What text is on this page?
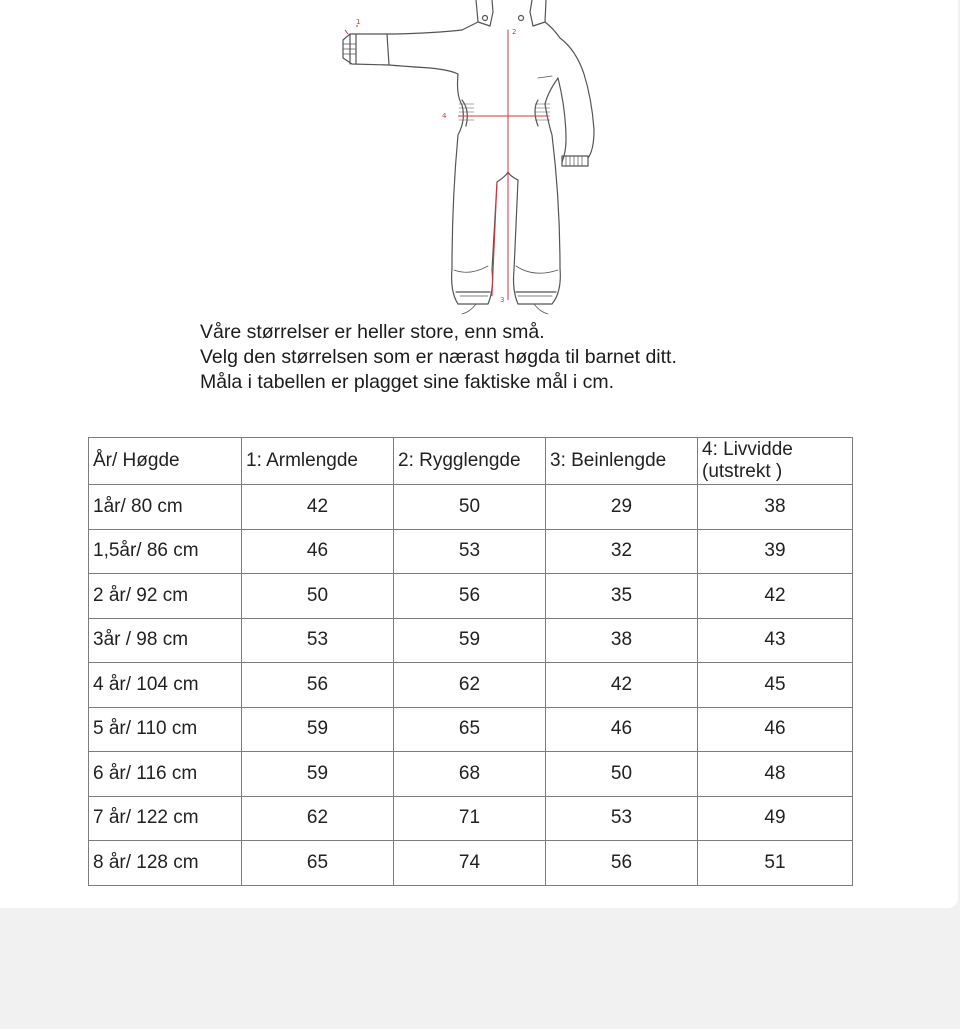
1
2
3
4
Våre størrelser er heller store, enn små.
Velg den størrelsen som er nærast høgda til barnet ditt.
Måla i tabellen er plagget sine faktiske mål i cm.
År/ Høgde	1: Armlengde	2: Rygglengde	3: Beinlengde	4: Livvidde
(utstrekt )

1år/ 80 cm	42	50	29	38
1,5år/ 86 cm	46	53	32	39
2 år/ 92 cm	50	56	35	42
3år / 98 cm	53	59	38	43
4 år/ 104 cm	56	62	42	45
5 år/ 110 cm	59	65	46	46
6 år/ 116 cm	59	68	50	48
7 år/ 122 cm	62	71	53	49
8 år/ 128 cm	65	74	56	51
